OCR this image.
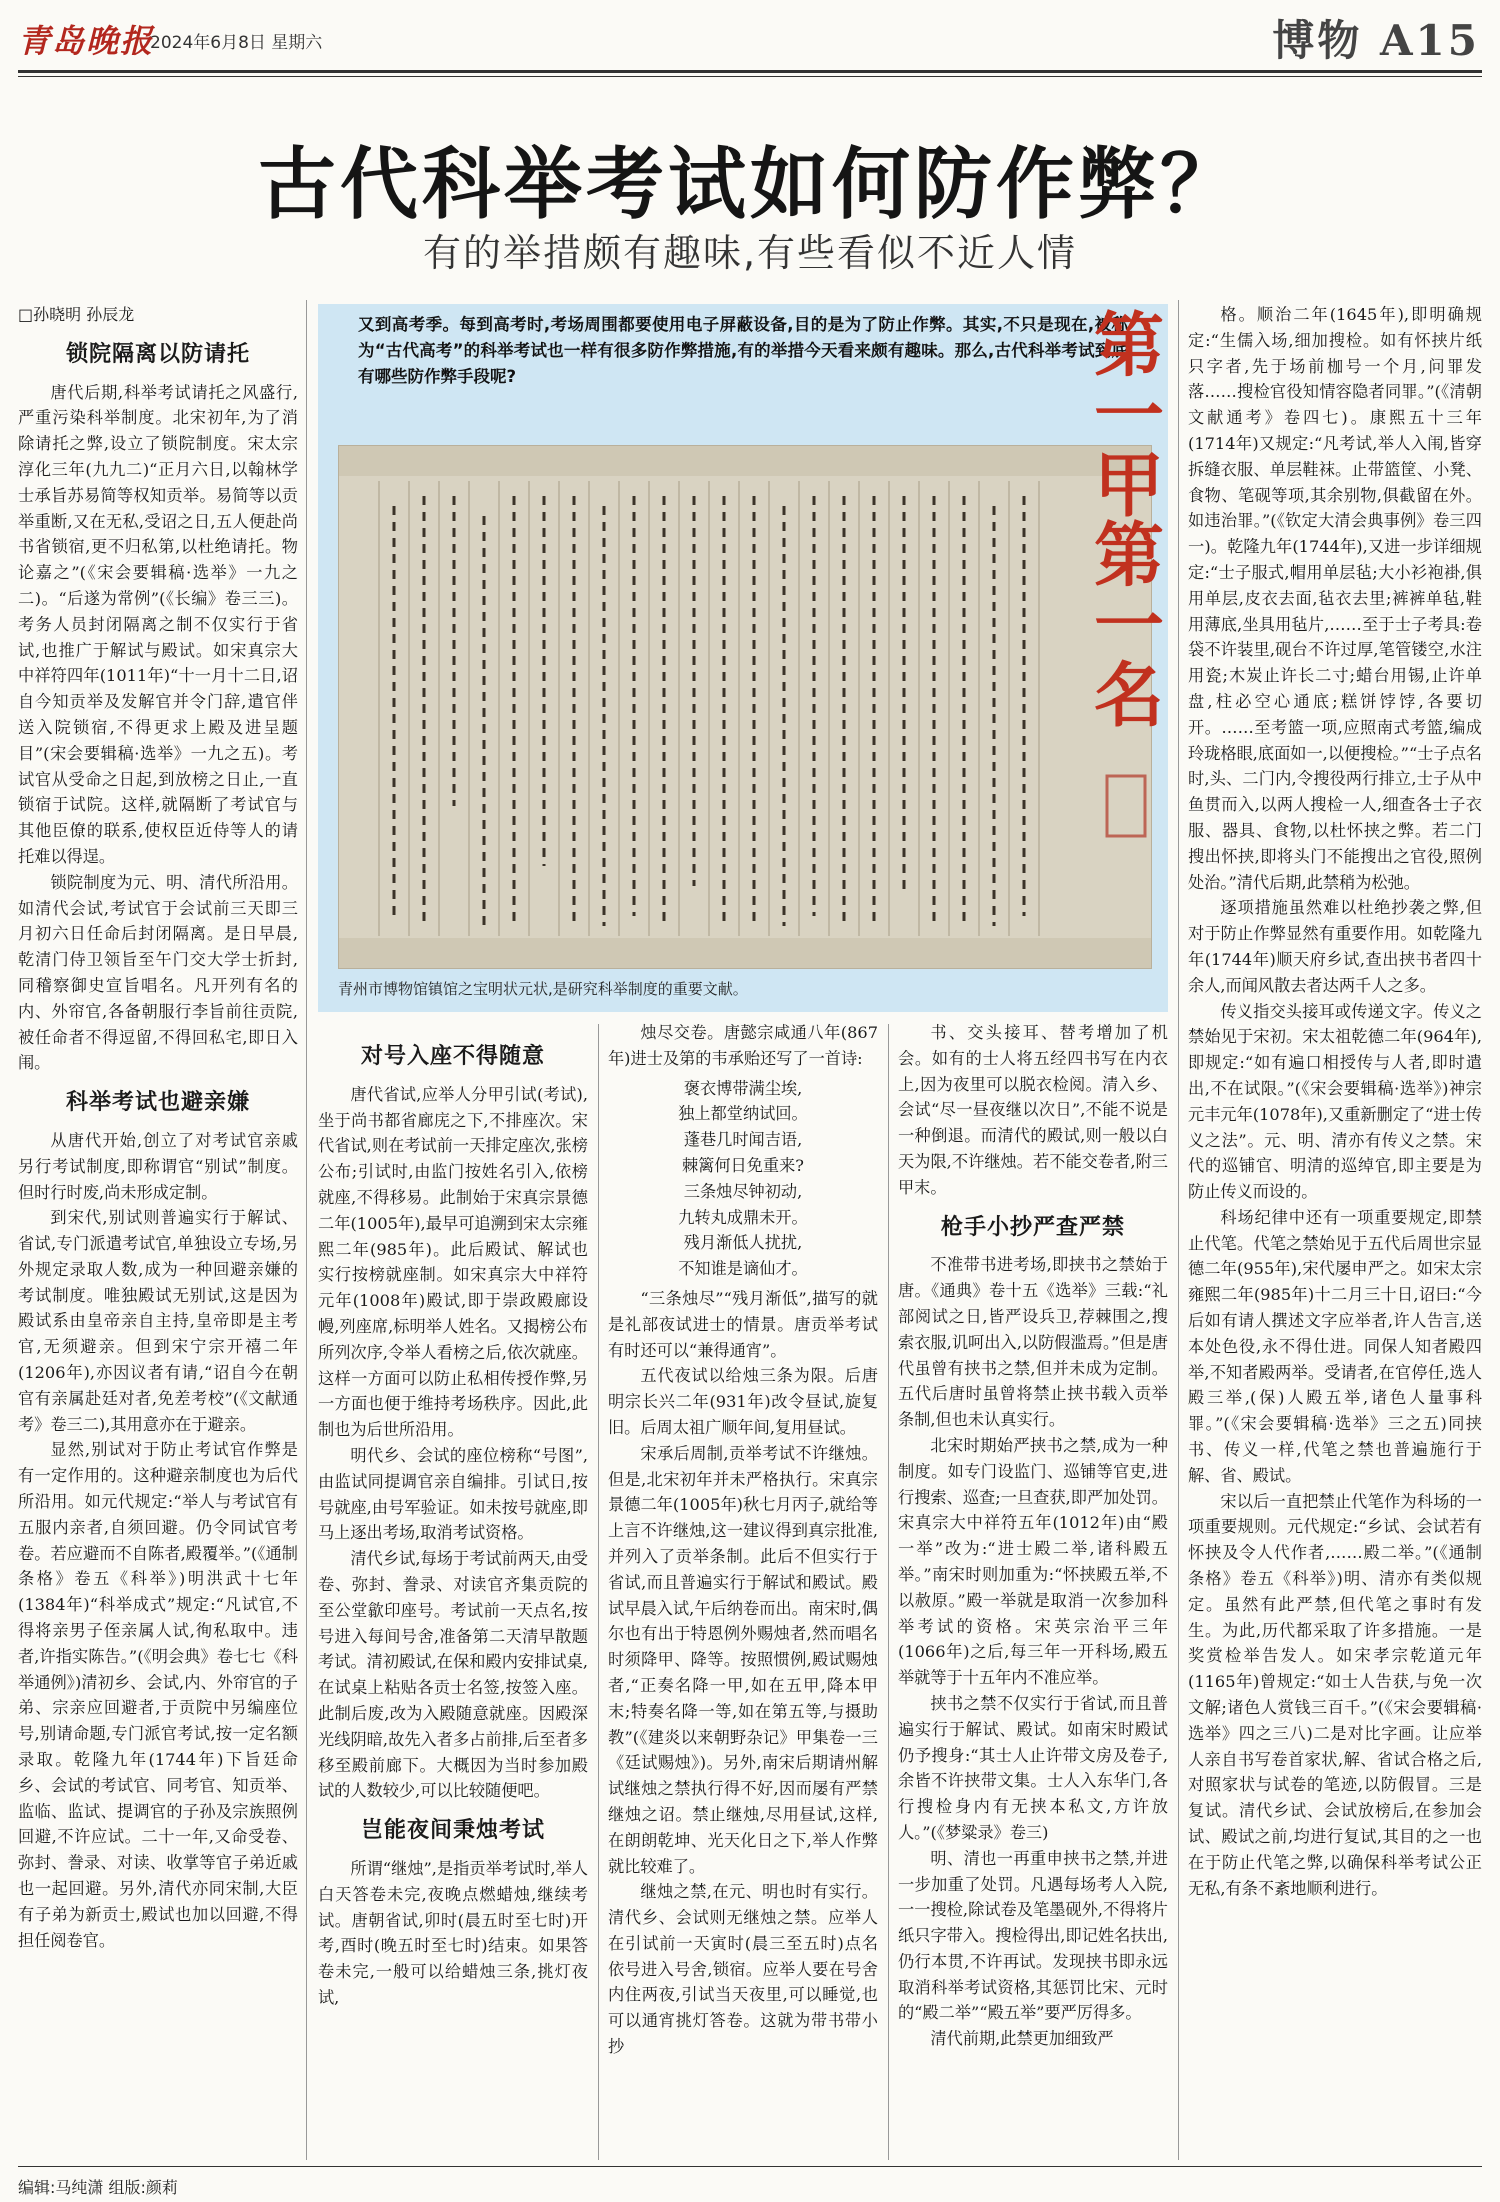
青岛晚报
2024年6月8日 星期六	博物 A15
古代科举考试如何防作弊？
有的举措颇有趣味,有些看似不近人情
□孙晓明 孙辰龙
锁院隔离以防请托

唐代后期,科举考试请托之风盛行,严重污染科举制度。北宋初年,为了消除请托之弊,设立了锁院制度。宋太宗淳化三年(九九二)“正月六日,以翰林学士承旨苏易简等权知贡举。易简等以贡举重断,又在无私,受诏之日,五人便赴尚书省锁宿,更不归私第,以杜绝请托。物论嘉之”(《宋会要辑稿·选举》一九之二)。“后遂为常例”(《长编》卷三三)。考务人员封闭隔离之制不仅实行于省试,也推广于解试与殿试。如宋真宗大中祥符四年(1011年)“十一月十二日,诏自今知贡举及发解官并令门辞,遣官伴送入院锁宿,不得更求上殿及进呈题目”(宋会要辑稿·选举》一九之五)。考试官从受命之日起,到放榜之日止,一直锁宿于试院。这样,就隔断了考试官与其他臣僚的联系,使权臣近侍等人的请托难以得逞。

锁院制度为元、明、清代所沿用。如清代会试,考试官于会试前三天即三月初六日任命后封闭隔离。是日早晨,乾清门侍卫领旨至午门交大学士折封,同稽察御史宣旨唱名。凡开列有名的内、外帘官,各备朝服行李旨前往贡院,被任命者不得逗留,不得回私宅,即日入闱。

科举考试也避亲嫌

从唐代开始,创立了对考试官亲戚另行考试制度,即称谓官“别试”制度。但时行时废,尚未形成定制。

到宋代,别试则普遍实行于解试、省试,专门派遣考试官,单独设立专场,另外规定录取人数,成为一种回避亲嫌的考试制度。唯独殿试无别试,这是因为殿试系由皇帝亲自主持,皇帝即是主考官,无须避亲。但到宋宁宗开禧二年(1206年),亦因议者有请,“诏自今在朝官有亲属赴廷对者,免差考校”(《文献通考》卷三二),其用意亦在于避亲。

显然,别试对于防止考试官作弊是有一定作用的。这种避亲制度也为后代所沿用。如元代规定:“举人与考试官有五服内亲者,自须回避。仍令同试官考卷。若应避而不自陈者,殿覆举。”(《通制条格》卷五《科举》)明洪武十七年(1384年)“科举成式”规定:“凡试官,不得将亲男子侄亲属人试,徇私取中。违者,许指实陈告。”(《明会典》卷七七《科举通例》)清初乡、会试,内、外帘官的子弟、宗亲应回避者,于贡院中另编座位号,别请命题,专门派官考试,按一定名额录取。乾隆九年(1744年)下旨廷命乡、会试的考试官、同考官、知贡举、监临、监试、提调官的子孙及宗族照例回避,不许应试。二十一年,又命受卷、弥封、誊录、对读、收掌等官子弟近戚也一起回避。另外,清代亦同宋制,大臣有子弟为新贡士,殿试也加以回避,不得担任阅卷官。

又到高考季。每到高考时,考场周围都要使用电子屏蔽设备,目的是为了防止作弊。其实,不只是现在,被称为“古代高考”的科举考试也一样有很多防作弊措施,有的举措今天看来颇有趣味。那么,古代科举考试到底有哪些防作弊手段呢?	第一甲第一名
青州市博物馆镇馆之宝明状元状,是研究科举制度的重要文献。
对号入座不得随意

唐代省试,应举人分甲引试(考试),坐于尚书都省廊庑之下,不排座次。宋代省试,则在考试前一天排定座次,张榜公布;引试时,由监门按姓名引入,依榜就座,不得移易。此制始于宋真宗景德二年(1005年),最早可追溯到宋太宗雍熙二年(985年)。此后殿试、解试也实行按榜就座制。如宋真宗大中祥符元年(1008年)殿试,即于崇政殿廊设幔,列座席,标明举人姓名。又揭榜公布所列次序,令举人看榜之后,依次就座。这样一方面可以防止私相传授作弊,另一方面也便于维持考场秩序。因此,此制也为后世所沿用。

明代乡、会试的座位榜称“号图”,由监试同提调官亲自编排。引试日,按号就座,由号军验证。如未按号就座,即马上逐出考场,取消考试资格。

清代乡试,每场于考试前两天,由受卷、弥封、誊录、对读官齐集贡院的至公堂歙印座号。考试前一天点名,按号进入每间号舍,准备第二天清早散题考试。清初殿试,在保和殿内安排试桌,在试桌上粘贴各贡士名签,按签入座。此制后废,改为入殿随意就座。因殿深光线阴暗,故先入者多占前排,后至者多移至殿前廊下。大概因为当时参加殿试的人数较少,可以比较随便吧。

岂能夜间秉烛考试

所谓“继烛”,是指贡举考试时,举人白天答卷未完,夜晚点燃蜡烛,继续考试。唐朝省试,卯时(晨五时至七时)开考,酉时(晚五时至七时)结束。如果答卷未完,一般可以给蜡烛三条,挑灯夜试,

烛尽交卷。唐懿宗咸通八年(867年)进士及第的韦承贻还写了一首诗:

褒衣博带满尘埃,
独上都堂纳试回。
蓬巷几时闻吉语,
棘篱何日免重来?
三条烛尽钟初动,
九转丸成鼎未开。
残月渐低人扰扰,
不知谁是谪仙才。

“三条烛尽”“残月渐低”,描写的就是礼部夜试进士的情景。唐贡举考试有时还可以“兼得通宵”。

五代夜试以给烛三条为限。后唐明宗长兴二年(931年)改令昼试,旋复旧。后周太祖广顺年间,复用昼试。

宋承后周制,贡举考试不许继烛。但是,北宋初年并未严格执行。宋真宗景德二年(1005年)秋七月丙子,就给等上言不许继烛,这一建议得到真宗批准,并列入了贡举条制。此后不但实行于省试,而且普遍实行于解试和殿试。殿试早晨入试,午后纳卷而出。南宋时,偶尔也有出于特恩例外赐烛者,然而唱名时须降甲、降等。按照惯例,殿试赐烛者,“正奏名降一甲,如在五甲,降本甲末;特奏名降一等,如在第五等,与摄助教”(《建炎以来朝野杂记》甲集卷一三《廷试赐烛》)。另外,南宋后期请州解试继烛之禁执行得不好,因而屡有严禁继烛之诏。禁止继烛,尽用昼试,这样,在朗朗乾坤、光天化日之下,举人作弊就比较难了。

继烛之禁,在元、明也时有实行。清代乡、会试则无继烛之禁。应举人在引试前一天寅时(晨三至五时)点名依号进入号舍,锁宿。应举人要在号舍内住两夜,引试当天夜里,可以睡觉,也可以通宵挑灯答卷。这就为带书带小抄

书、交头接耳、替考增加了机会。如有的士人将五经四书写在内衣上,因为夜里可以脱衣检阅。清入乡、会试“尽一昼夜继以次日”,不能不说是一种倒退。而清代的殿试,则一般以白天为限,不许继烛。若不能交卷者,附三甲末。

枪手小抄严查严禁

不准带书进考场,即挟书之禁始于唐。《通典》卷十五《选举》三载:“礼部阅试之日,皆严设兵卫,荐棘围之,搜索衣服,讥呵出入,以防假滥焉。”但是唐代虽曾有挟书之禁,但并未成为定制。五代后唐时虽曾将禁止挟书载入贡举条制,但也未认真实行。

北宋时期始严挟书之禁,成为一种制度。如专门设监门、巡铺等官吏,进行搜索、巡查;一旦查获,即严加处罚。宋真宗大中祥符五年(1012年)由“殿一举”改为:“进士殿二举,诸科殿五举。”南宋时则加重为:“怀挟殿五举,不以赦原。”殿一举就是取消一次参加科举考试的资格。宋英宗治平三年(1066年)之后,每三年一开科场,殿五举就等于十五年内不准应举。

挟书之禁不仅实行于省试,而且普遍实行于解试、殿试。如南宋时殿试仍予搜身:“其士人止许带文房及卷子,余皆不许挟带文集。士人入东华门,各行搜检身内有无挟本私文,方许放人。”(《梦粱录》卷三)

明、清也一再重申挟书之禁,并进一步加重了处罚。凡遇每场考人入院,一一搜检,除试卷及笔墨砚外,不得将片纸只字带入。搜检得出,即记姓名扶出,仍行本贯,不许再试。发现挟书即永远取消科举考试资格,其惩罚比宋、元时的“殿二举”“殿五举”要严厉得多。

清代前期,此禁更加细致严

格。顺治二年(1645年),即明确规定:“生儒入场,细加搜检。如有怀挟片纸只字者,先于场前枷号一个月,问罪发落……搜检官役知情容隐者同罪。”(《清朝文献通考》卷四七)。康熙五十三年(1714年)又规定:“凡考试,举人入闱,皆穿拆缝衣服、单层鞋袜。止带篮筐、小凳、食物、笔砚等项,其余别物,俱截留在外。如违治罪。”(《钦定大清会典事例》卷三四一)。乾隆九年(1744年),又进一步详细规定:“士子服式,帽用单层毡;大小衫袍褂,俱用单层,皮衣去面,毡衣去里;裤裤单毡,鞋用薄底,坐具用毡片,……至于士子考具:卷袋不许装里,砚台不许过厚,笔管镂空,水注用瓷;木炭止许长二寸;蜡台用锡,止许单盘,柱必空心通底;糕饼饽饽,各要切开。……至考篮一项,应照南式考篮,编成玲珑格眼,底面如一,以便搜检。”“士子点名时,头、二门内,令搜役两行排立,士子从中鱼贯而入,以两人搜检一人,细查各士子衣服、器具、食物,以杜怀挟之弊。若二门搜出怀挟,即将头门不能搜出之官役,照例处治。”清代后期,此禁稍为松弛。

逐项措施虽然难以杜绝抄袭之弊,但对于防止作弊显然有重要作用。如乾隆九年(1744年)顺天府乡试,查出挟书者四十余人,而闻风散去者达两千人之多。

传义指交头接耳或传递文字。传义之禁始见于宋初。宋太祖乾德二年(964年),即规定:“如有遍口相授传与人者,即时遣出,不在试限。”(《宋会要辑稿·选举》)神宗元丰元年(1078年),又重新删定了“进士传义之法”。元、明、清亦有传义之禁。宋代的巡铺官、明清的巡绰官,即主要是为防止传义而设的。

科场纪律中还有一项重要规定,即禁止代笔。代笔之禁始见于五代后周世宗显德二年(955年),宋代屡申严之。如宋太宗雍熙二年(985年)十二月三十日,诏曰:“今后如有请人撰述文字应举者,许人告言,送本处色役,永不得仕进。同保人知者殿四举,不知者殿两举。受请者,在官停任,选人殿三举,(保)人殿五举,诸色人量事科罪。”(《宋会要辑稿·选举》三之五)同挟书、传义一样,代笔之禁也普遍施行于解、省、殿试。

宋以后一直把禁止代笔作为科场的一项重要规则。元代规定:“乡试、会试若有怀挟及令人代作者,……殿二举。”(《通制条格》卷五《科举》)明、清亦有类似规定。虽然有此严禁,但代笔之事时有发生。为此,历代都采取了许多措施。一是奖赏检举告发人。如宋孝宗乾道元年(1165年)曾规定:“如士人告获,与免一次文解;诸色人赏钱三百千。”(《宋会要辑稿·选举》四之三八)二是对比字画。让应举人亲自书写卷首家状,解、省试合格之后,对照家状与试卷的笔迹,以防假冒。三是复试。清代乡试、会试放榜后,在参加会试、殿试之前,均进行复试,其目的之一也在于防止代笔之弊,以确保科举考试公正无私,有条不紊地顺利进行。

编辑:马纯潇 组版:颜莉
